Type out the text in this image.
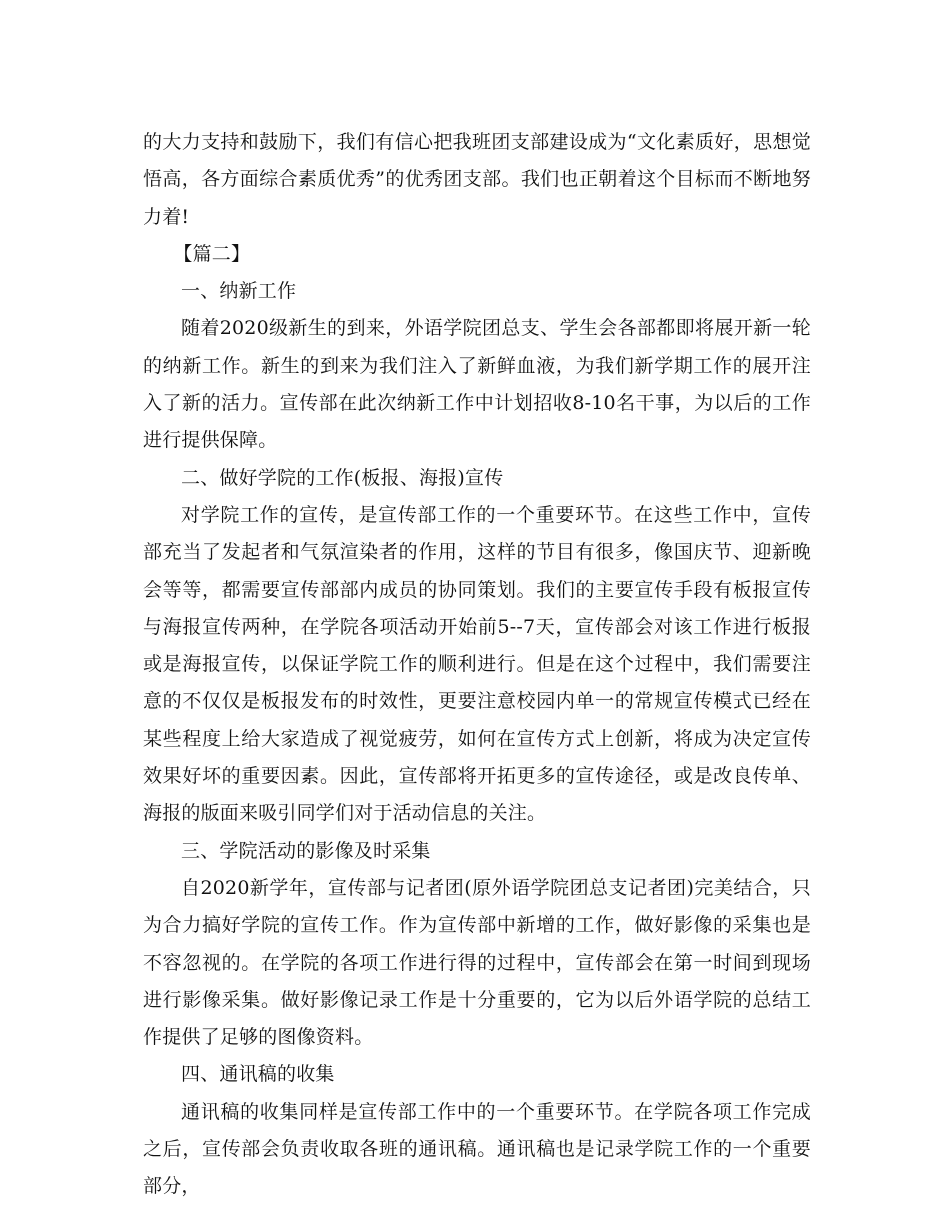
的大力支持和鼓励下，我们有信心把我班团支部建设成为“文化素质好，思想觉悟高，各方面综合素质优秀”的优秀团支部。我们也正朝着这个目标而不断地努力着!

【篇二】

一、纳新工作

随着2020级新生的到来，外语学院团总支、学生会各部都即将展开新一轮的纳新工作。新生的到来为我们注入了新鲜血液，为我们新学期工作的展开注入了新的活力。宣传部在此次纳新工作中计划招收8-10名干事，为以后的工作进行提供保障。

二、做好学院的工作(板报、海报)宣传

对学院工作的宣传，是宣传部工作的一个重要环节。在这些工作中，宣传部充当了发起者和气氛渲染者的作用，这样的节目有很多，像国庆节、迎新晚会等等，都需要宣传部部内成员的协同策划。我们的主要宣传手段有板报宣传与海报宣传两种，在学院各项活动开始前5--7天，宣传部会对该工作进行板报或是海报宣传，以保证学院工作的顺利进行。但是在这个过程中，我们需要注意的不仅仅是板报发布的时效性，更要注意校园内单一的常规宣传模式已经在某些程度上给大家造成了视觉疲劳，如何在宣传方式上创新，将成为决定宣传效果好坏的重要因素。因此，宣传部将开拓更多的宣传途径，或是改良传单、海报的版面来吸引同学们对于活动信息的关注。

三、学院活动的影像及时采集

自2020新学年，宣传部与记者团(原外语学院团总支记者团)完美结合，只为合力搞好学院的宣传工作。作为宣传部中新增的工作，做好影像的采集也是不容忽视的。在学院的各项工作进行得的过程中，宣传部会在第一时间到现场进行影像采集。做好影像记录工作是十分重要的，它为以后外语学院的总结工作提供了足够的图像资料。

四、通讯稿的收集

通讯稿的收集同样是宣传部工作中的一个重要环节。在学院各项工作完成之后，宣传部会负责收取各班的通讯稿。通讯稿也是记录学院工作的一个重要部分，
